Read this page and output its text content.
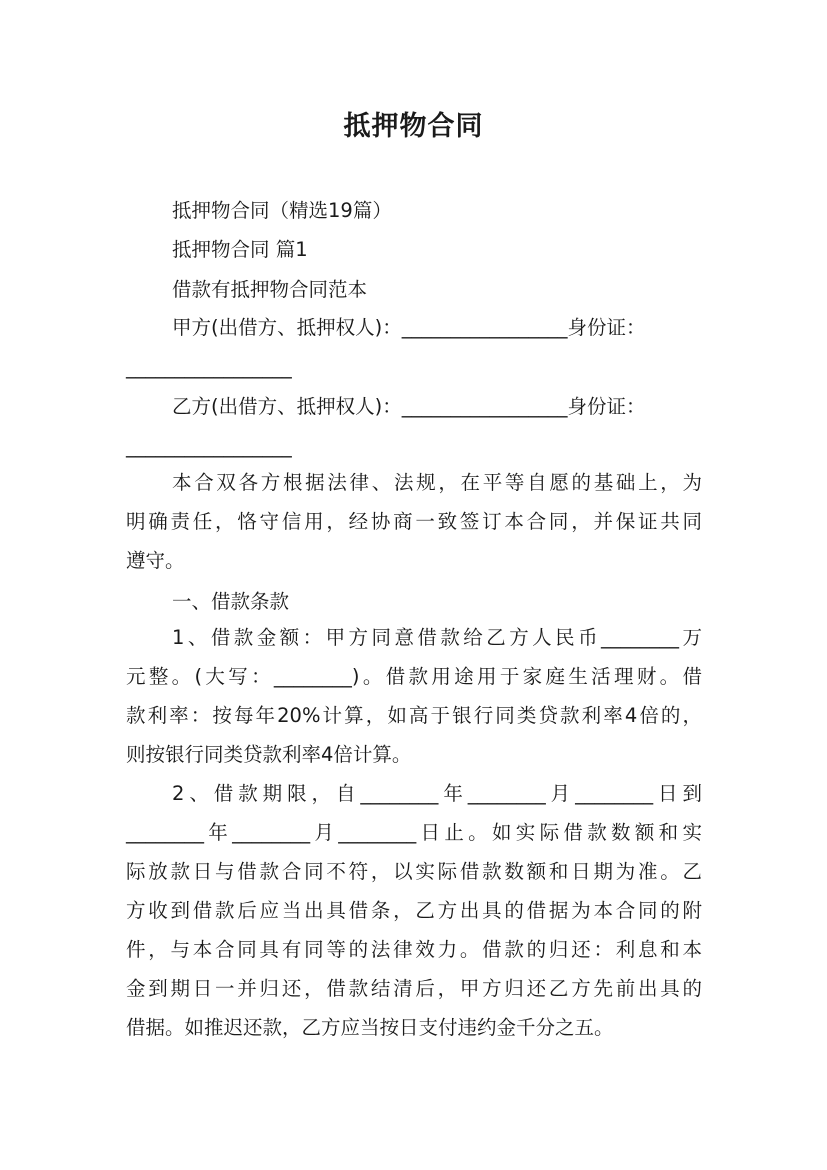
抵押物合同
抵押物合同（精选19篇）
抵押物合同 篇1
借款有抵押物合同范本
甲方(出借方、抵押权人)：_________________身份证：
_________________
乙方(出借方、抵押权人)：_________________身份证：
_________________
本合双各方根据法律、法规，在平等自愿的基础上，为
明确责任，恪守信用，经协商一致签订本合同，并保证共同
遵守。
一、借款条款
1、借款金额：甲方同意借款给乙方人民币________万
元整。(大写：________)。借款用途用于家庭生活理财。借
款利率：按每年20%计算，如高于银行同类贷款利率4倍的，
则按银行同类贷款利率4倍计算。
2、借款期限，自________年________月________日到
________年________月________日止。如实际借款数额和实
际放款日与借款合同不符，以实际借款数额和日期为准。乙
方收到借款后应当出具借条，乙方出具的借据为本合同的附
件，与本合同具有同等的法律效力。借款的归还：利息和本
金到期日一并归还，借款结清后，甲方归还乙方先前出具的
借据。如推迟还款，乙方应当按日支付违约金千分之五。
